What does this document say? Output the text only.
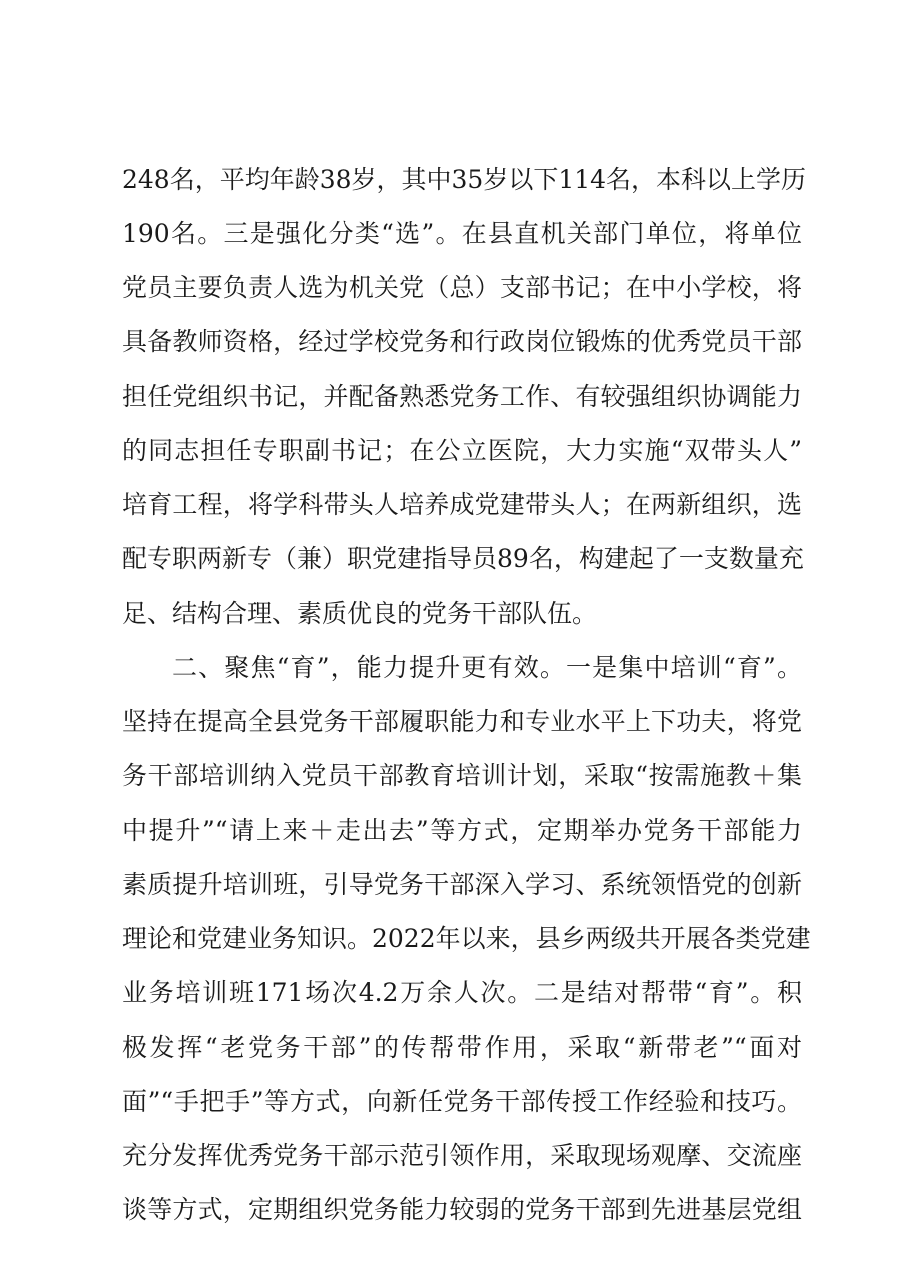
248名，平均年龄38岁，其中35岁以下114名，本科以上学历
190名。三是强化分类“选”。在县直机关部门单位，将单位
党员主要负责人选为机关党（总）支部书记；在中小学校，将
具备教师资格，经过学校党务和行政岗位锻炼的优秀党员干部
担任党组织书记，并配备熟悉党务工作、有较强组织协调能力
的同志担任专职副书记；在公立医院，大力实施“双带头人”
培育工程，将学科带头人培养成党建带头人；在两新组织，选
配专职两新专（兼）职党建指导员89名，构建起了一支数量充
足、结构合理、素质优良的党务干部队伍。
二、聚焦“育”，能力提升更有效。一是集中培训“育”。
坚持在提高全县党务干部履职能力和专业水平上下功夫，将党
务干部培训纳入党员干部教育培训计划，采取“按需施教＋集
中提升”“请上来＋走出去”等方式，定期举办党务干部能力
素质提升培训班，引导党务干部深入学习、系统领悟党的创新
理论和党建业务知识。2022年以来，县乡两级共开展各类党建
业务培训班171场次4.2万余人次。二是结对帮带“育”。积
极发挥“老党务干部”的传帮带作用，采取“新带老”“面对
面”“手把手”等方式，向新任党务干部传授工作经验和技巧。
充分发挥优秀党务干部示范引领作用，采取现场观摩、交流座
谈等方式，定期组织党务能力较弱的党务干部到先进基层党组
